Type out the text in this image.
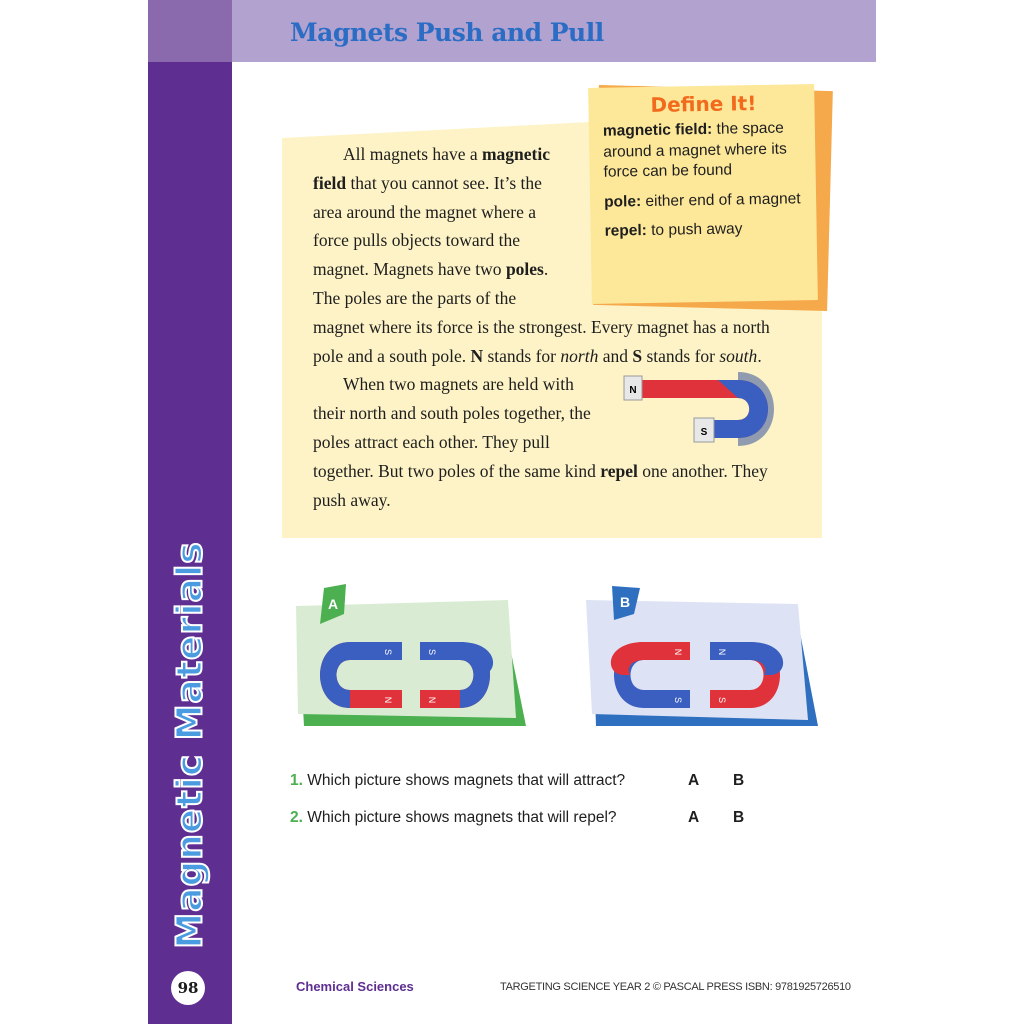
Magnets Push and Pull
Magnetic Materials
98

All magnets have a magnetic field that you cannot see. It’s the area around the magnet where a force pulls objects toward the magnet. Magnets have two poles. The poles are the parts of the magnet where its force is the strongest. Every magnet has a north pole and a south pole. N stands for north and S stands for south.

N
S
When two magnets are held with their north and south poles together, the poles attract each other. They pull together. But two poles of the same kind repel one another. They push away.

Define It!

magnetic field: the space around a magnet where its force can be found

pole: either end of a magnet

repel: to push away

A
S
N
S
N
B
N
S
N
S
1. Which picture shows magnets that will attract?	A B
2. Which picture shows magnets that will repel?	A B
Chemical Sciences	TARGETING SCIENCE YEAR 2 © PASCAL PRESS ISBN: 9781925726510
